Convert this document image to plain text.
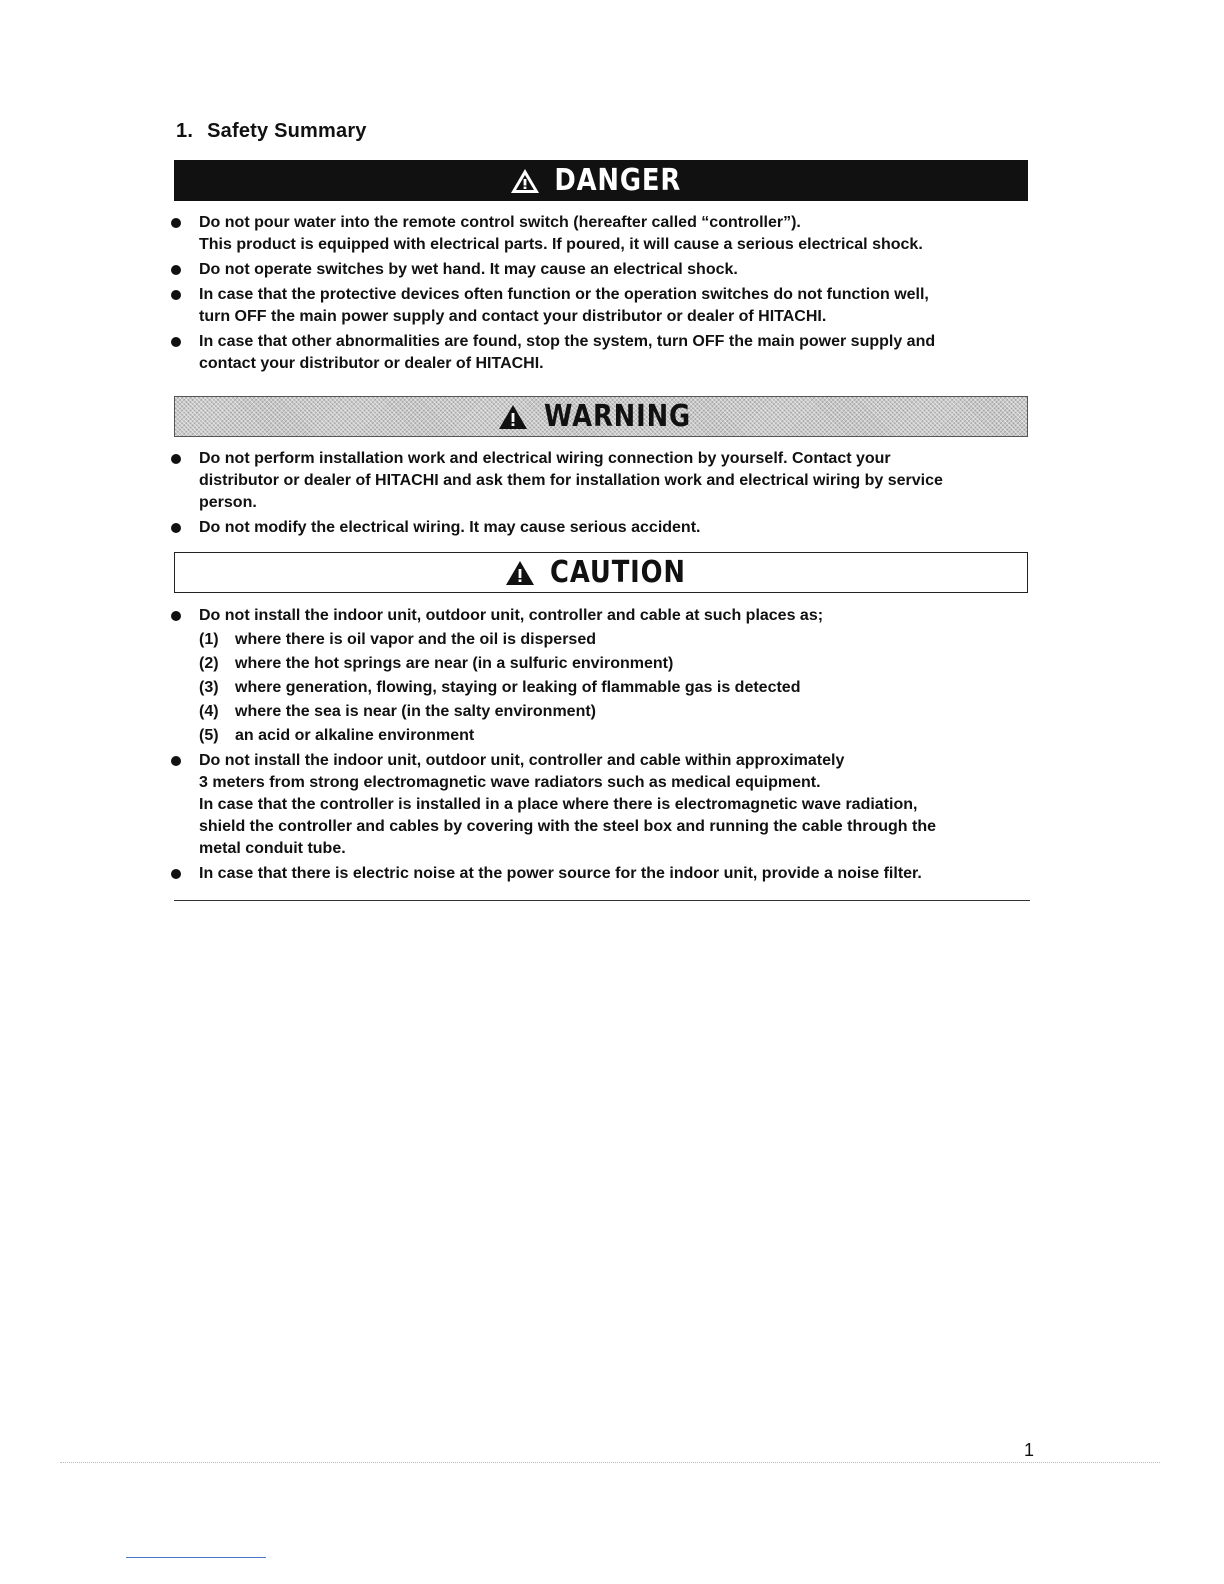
1. Safety Summary
DANGER
Do not pour water into the remote control switch (hereafter called “controller”).
This product is equipped with electrical parts. If poured, it will cause a serious electrical shock.
Do not operate switches by wet hand. It may cause an electrical shock.
In case that the protective devices often function or the operation switches do not function well,
turn OFF the main power supply and contact your distributor or dealer of HITACHI.
In case that other abnormalities are found, stop the system, turn OFF the main power supply and
contact your distributor or dealer of HITACHI.
WARNING
Do not perform installation work and electrical wiring connection by yourself. Contact your
distributor or dealer of HITACHI and ask them for installation work and electrical wiring by service
person.
Do not modify the electrical wiring. It may cause serious accident.
CAUTION
Do not install the indoor unit, outdoor unit, controller and cable at such places as;
(1) where there is oil vapor and the oil is dispersed
(2) where the hot springs are near (in a sulfuric environment)
(3) where generation, flowing, staying or leaking of flammable gas is detected
(4) where the sea is near (in the salty environment)
(5) an acid or alkaline environment
Do not install the indoor unit, outdoor unit, controller and cable within approximately
3 meters from strong electromagnetic wave radiators such as medical equipment.
In case that the controller is installed in a place where there is electromagnetic wave radiation,
shield the controller and cables by covering with the steel box and running the cable through the
metal conduit tube.
In case that there is electric noise at the power source for the indoor unit, provide a noise filter.
1
